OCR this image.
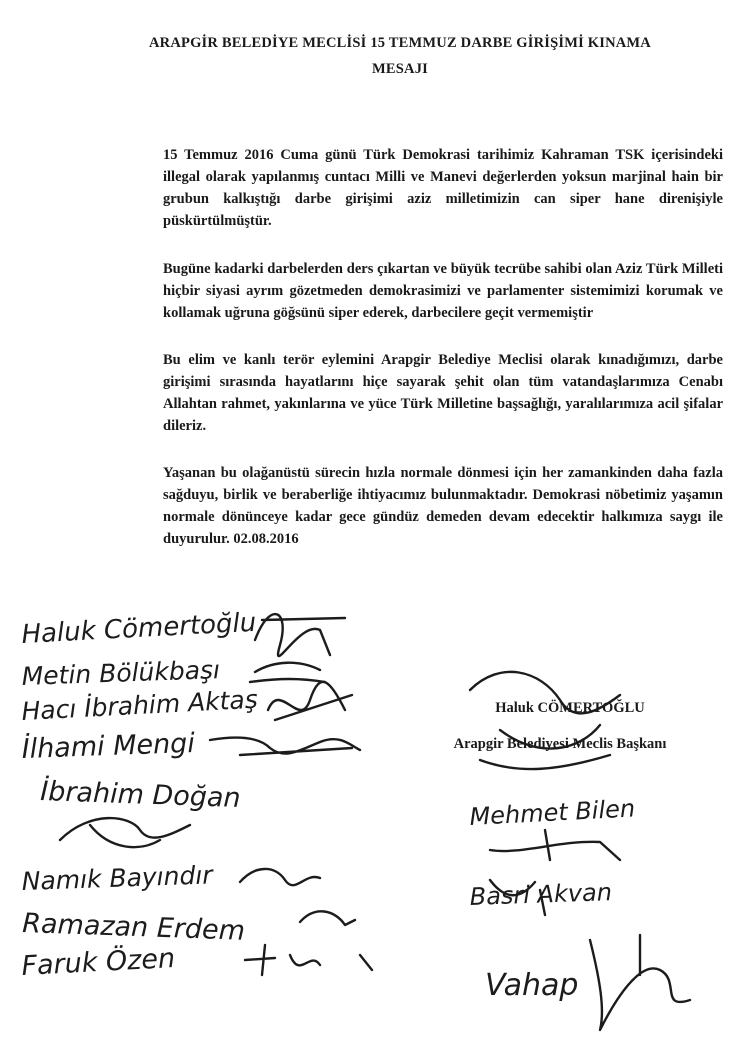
ARAPGİR BELEDİYE MECLİSİ 15 TEMMUZ DARBE GİRİŞİMİ KINAMA
MESAJI

15 Temmuz 2016 Cuma günü Türk Demokrasi tarihimiz Kahraman TSK içerisindeki illegal olarak yapılanmış cuntacı Milli ve Manevi değerlerden yoksun marjinal hain bir grubun kalkıştığı darbe girişimi aziz milletimizin can siper hane direnişiyle püskürtülmüştür.

Bugüne kadarki darbelerden ders çıkartan ve büyük tecrübe sahibi olan Aziz Türk Milleti hiçbir siyasi ayrım gözetmeden demokrasimizi ve parlamenter sistemimizi korumak ve kollamak uğruna göğsünü siper ederek, darbecilere geçit vermemiştir

Bu elim ve kanlı terör eylemini Arapgir Belediye Meclisi olarak kınadığımızı, darbe girişimi sırasında hayatlarını hiçe sayarak şehit olan tüm vatandaşlarımıza Cenabı Allahtan rahmet, yakınlarına ve yüce Türk Milletine başsağlığı, yaralılarımıza acil şifalar dileriz.

Yaşanan bu olağanüstü sürecin hızla normale dönmesi için her zamankinden daha fazla sağduyu, birlik ve beraberliğe ihtiyacımız bulunmaktadır. Demokrasi nöbetimiz yaşamın normale dönünceye kadar gece gündüz demeden devam edecektir halkımıza saygı ile duyurulur. 02.08.2016

Haluk Cömertoğlu
Metin Bölükbaşı
Hacı İbrahim Aktaş
İlhami Mengi
İbrahim Doğan
Namık Bayındır
Ramazan Erdem
Faruk Özen
Mehmet Bilen
Basri Akvan
Vahap
Haluk CÖMERTOĞLU
Arapgir Belediyesi Meclis Başkanı
